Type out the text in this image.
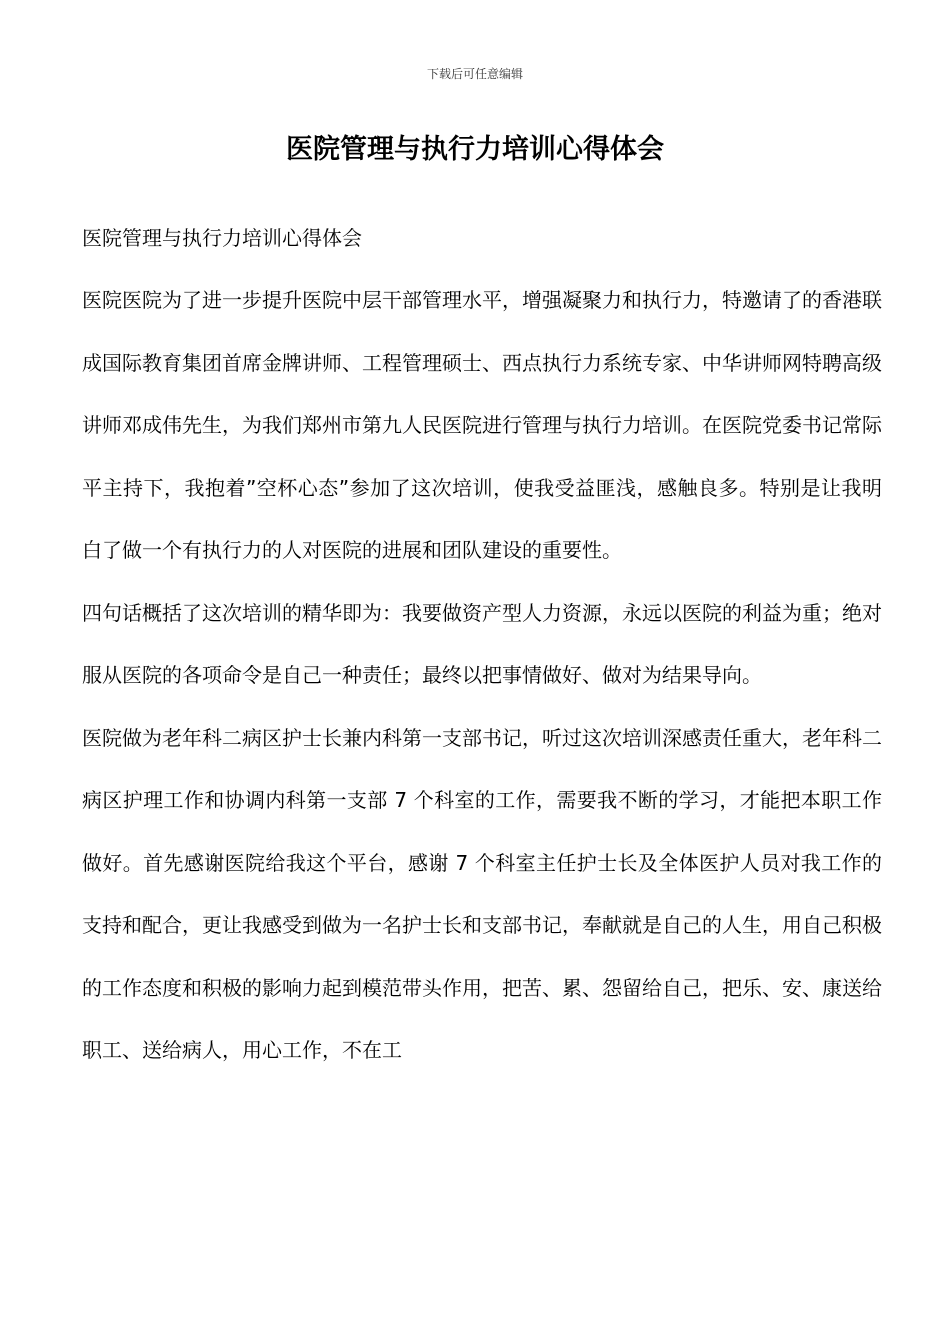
下载后可任意编辑
医院管理与执行力培训心得体会

医院管理与执行力培训心得体会

医院医院为了进一步提升医院中层干部管理水平，增强凝聚力和执行力，特邀请了的香港联成国际教育集团首席金牌讲师、工程管理硕士、西点执行力系统专家、中华讲师网特聘高级讲师邓成伟先生，为我们郑州市第九人民医院进行管理与执行力培训。在医院党委书记常际平主持下，我抱着”空杯心态”参加了这次培训，使我受益匪浅，感触良多。特别是让我明白了做一个有执行力的人对医院的进展和团队建设的重要性。

四句话概括了这次培训的精华即为：我要做资产型人力资源，永远以医院的利益为重；绝对服从医院的各项命令是自己一种责任；最终以把事情做好、做对为结果导向。

医院做为老年科二病区护士长兼内科第一支部书记，听过这次培训深感责任重大，老年科二病区护理工作和协调内科第一支部 7 个科室的工作，需要我不断的学习，才能把本职工作做好。首先感谢医院给我这个平台，感谢 7 个科室主任护士长及全体医护人员对我工作的支持和配合，更让我感受到做为一名护士长和支部书记，奉献就是自己的人生，用自己积极的工作态度和积极的影响力起到模范带头作用，把苦、累、怨留给自己，把乐、安、康送给职工、送给病人，用心工作，不在工
